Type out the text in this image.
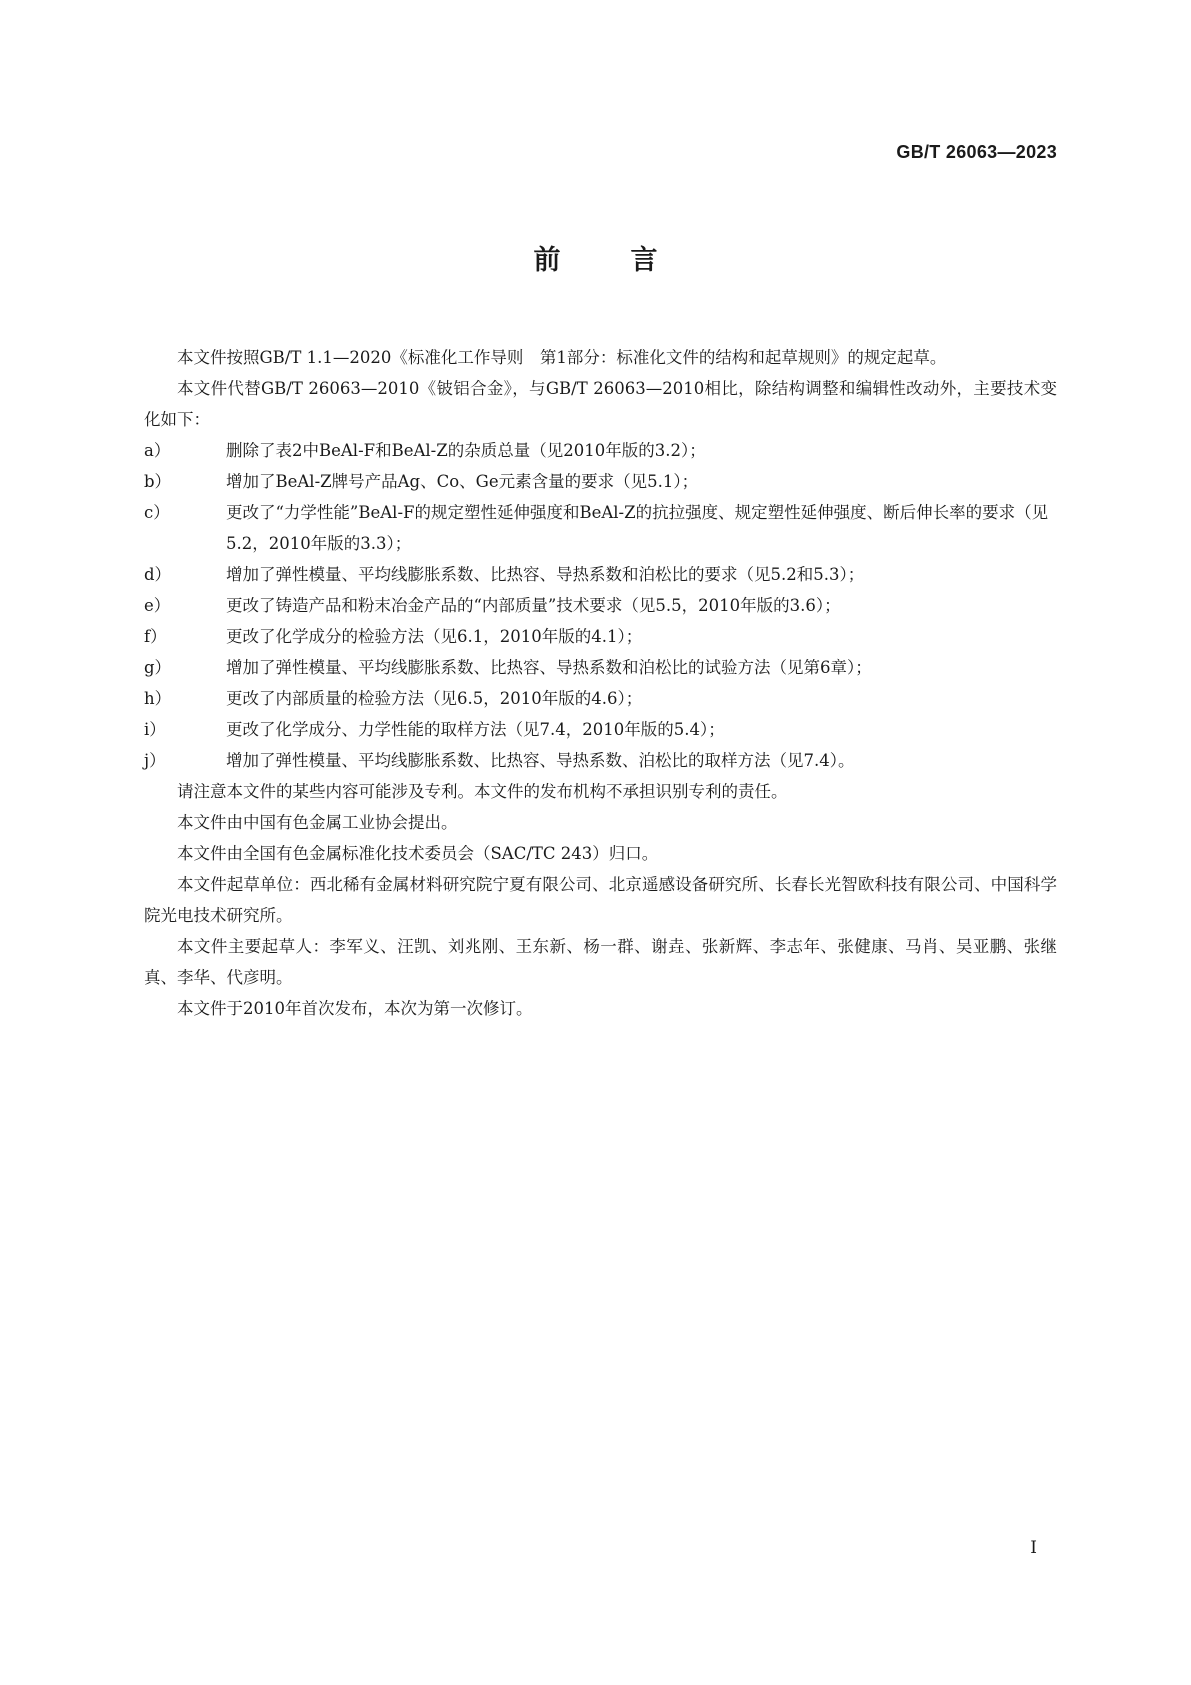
GB/T 26063—2023
前言

本文件按照GB/T 1.1—2020《标准化工作导则　第1部分：标准化文件的结构和起草规则》的规定起草。

本文件代替GB/T 26063—2010《铍铝合金》，与GB/T 26063—2010相比，除结构调整和编辑性改动外，主要技术变化如下：

a）	删除了表2中BeAl-F和BeAl-Z的杂质总量（见2010年版的3.2）；
b）	增加了BeAl-Z牌号产品Ag、Co、Ge元素含量的要求（见5.1）；
c）	更改了“力学性能”BeAl-F的规定塑性延伸强度和BeAl-Z的抗拉强度、规定塑性延伸强度、断后伸长率的要求（见5.2，2010年版的3.3）；
d）	增加了弹性模量、平均线膨胀系数、比热容、导热系数和泊松比的要求（见5.2和5.3）；
e）	更改了铸造产品和粉末冶金产品的“内部质量”技术要求（见5.5，2010年版的3.6）；
f）	更改了化学成分的检验方法（见6.1，2010年版的4.1）；
g）	增加了弹性模量、平均线膨胀系数、比热容、导热系数和泊松比的试验方法（见第6章）；
h）	更改了内部质量的检验方法（见6.5，2010年版的4.6）；
i）	更改了化学成分、力学性能的取样方法（见7.4，2010年版的5.4）；
j）	增加了弹性模量、平均线膨胀系数、比热容、导热系数、泊松比的取样方法（见7.4）。

请注意本文件的某些内容可能涉及专利。本文件的发布机构不承担识别专利的责任。

本文件由中国有色金属工业协会提出。

本文件由全国有色金属标准化技术委员会（SAC/TC 243）归口。

本文件起草单位：西北稀有金属材料研究院宁夏有限公司、北京遥感设备研究所、长春长光智欧科技有限公司、中国科学院光电技术研究所。

本文件主要起草人：李军义、汪凯、刘兆刚、王东新、杨一群、谢垚、张新辉、李志年、张健康、马肖、吴亚鹏、张继真、李华、代彦明。

本文件于2010年首次发布，本次为第一次修订。

I
